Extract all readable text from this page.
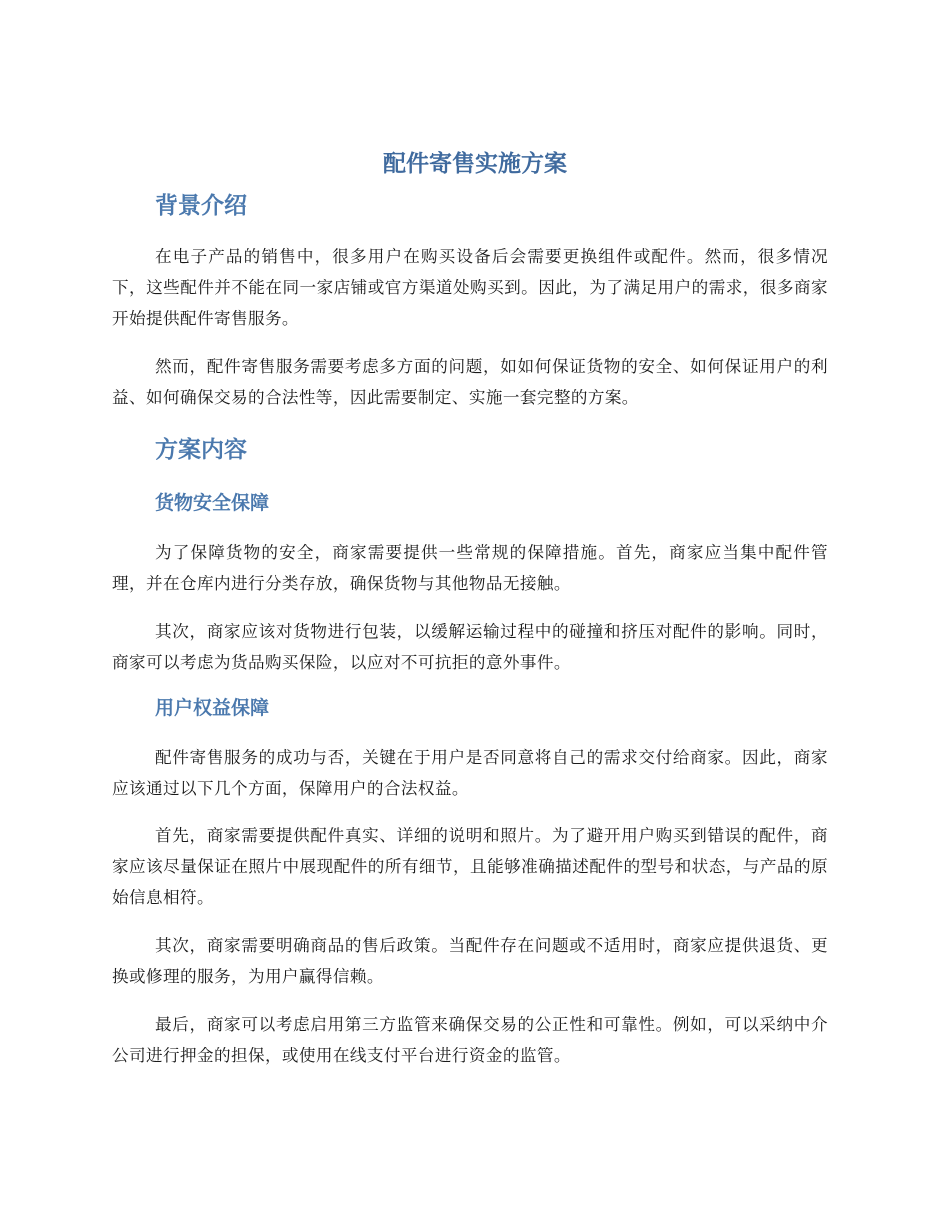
配件寄售实施方案
背景介绍

在电子产品的销售中，很多用户在购买设备后会需要更换组件或配件。然而，很多情况下，这些配件并不能在同一家店铺或官方渠道处购买到。因此，为了满足用户的需求，很多商家开始提供配件寄售服务。

然而，配件寄售服务需要考虑多方面的问题，如如何保证货物的安全、如何保证用户的利益、如何确保交易的合法性等，因此需要制定、实施一套完整的方案。

方案内容
货物安全保障

为了保障货物的安全，商家需要提供一些常规的保障措施。首先，商家应当集中配件管理，并在仓库内进行分类存放，确保货物与其他物品无接触。

其次，商家应该对货物进行包装，以缓解运输过程中的碰撞和挤压对配件的影响。同时，商家可以考虑为货品购买保险，以应对不可抗拒的意外事件。

用户权益保障

配件寄售服务的成功与否，关键在于用户是否同意将自己的需求交付给商家。因此，商家应该通过以下几个方面，保障用户的合法权益。

首先，商家需要提供配件真实、详细的说明和照片。为了避开用户购买到错误的配件，商家应该尽量保证在照片中展现配件的所有细节，且能够准确描述配件的型号和状态，与产品的原始信息相符。

其次，商家需要明确商品的售后政策。当配件存在问题或不适用时，商家应提供退货、更换或修理的服务，为用户赢得信赖。

最后，商家可以考虑启用第三方监管来确保交易的公正性和可靠性。例如，可以采纳中介公司进行押金的担保，或使用在线支付平台进行资金的监管。
